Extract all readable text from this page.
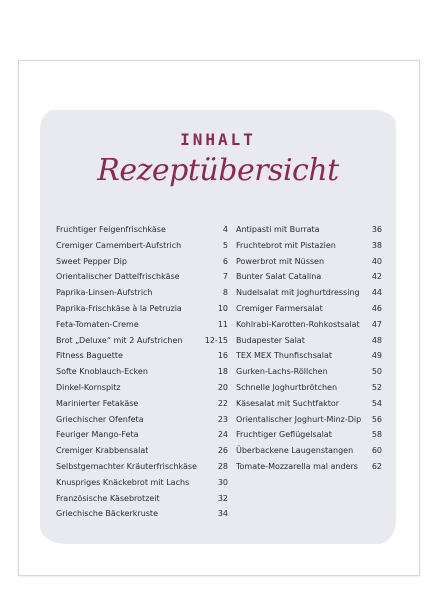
INHALT
Rezeptübersicht
Fruchtiger Feigenfrischkäse	4
Cremiger Camembert-Aufstrich	5
Sweet Pepper Dip	6
Orientalischer Dattelfrischkäse	7
Paprika-Linsen-Aufstrich	8
Paprika-Frischkäse à la Petruzia	10
Feta-Tomaten-Creme	11
Brot „Deluxe“ mit 2 Aufstrichen	12-15
Fitness Baguette	16
Softe Knoblauch-Ecken	18
Dinkel-Kornspitz	20
Marinierter Fetakäse	22
Griechischer Ofenfeta	23
Feuriger Mango-Feta	24
Cremiger Krabbensalat	26
Selbstgemachter Kräuterfrischkäse	28
Knuspriges Knäckebrot mit Lachs	30
Französische Käsebrotzeit	32
Griechische Bäckerkruste	34
Antipasti mit Burrata	36
Fruchtebrot mit Pistazien	38
Powerbrot mit Nüssen	40
Bunter Salat Catalina	42
Nudelsalat mit Joghurtdressing	44
Cremiger Farmersalat	46
Kohlrabi-Karotten-Rohkostsalat	47
Budapester Salat	48
TEX MEX Thunfischsalat	49
Gurken-Lachs-Röllchen	50
Schnelle Joghurtbrötchen	52
Käsesalat mit Suchtfaktor	54
Orientalischer Joghurt-Minz-Dip	56
Fruchtiger Geflügelsalat	58
Überbackene Laugenstangen	60
Tomate-Mozzarella mal anders	62
